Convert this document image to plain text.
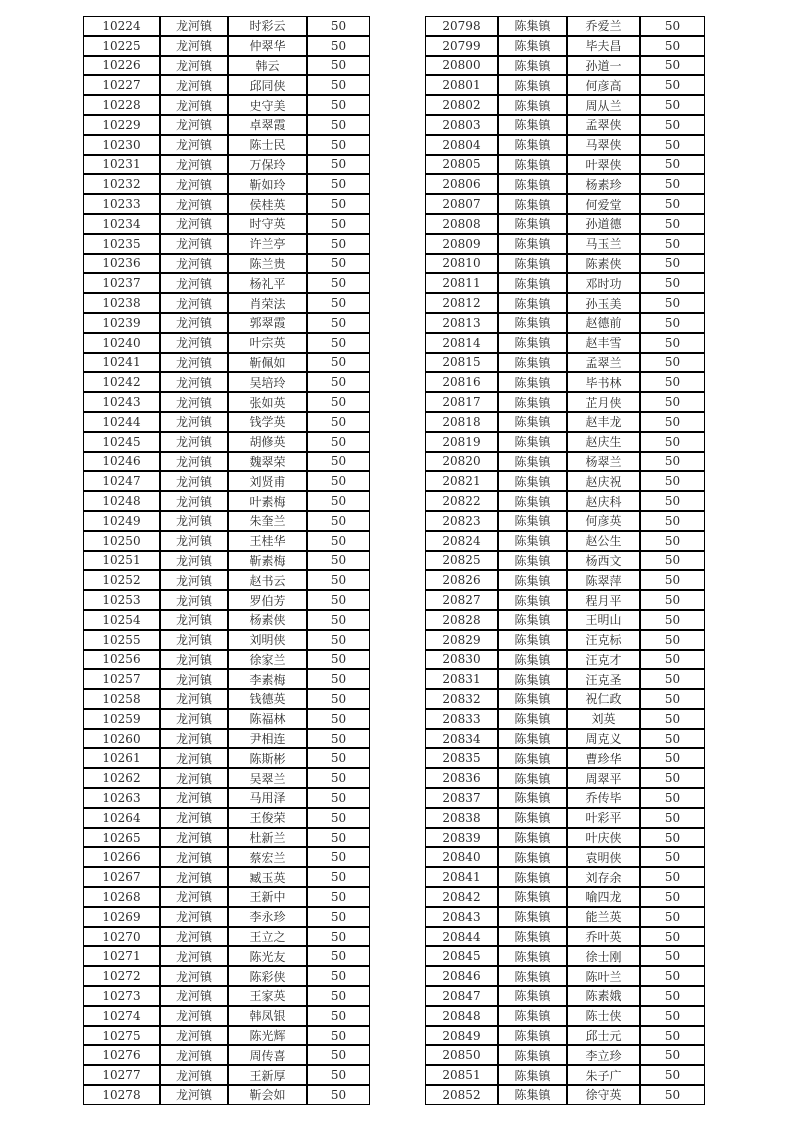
10224	龙河镇	时彩云	50
10225	龙河镇	仲翠华	50
10226	龙河镇	韩云	50
10227	龙河镇	邱同侠	50
10228	龙河镇	史守美	50
10229	龙河镇	卓翠霞	50
10230	龙河镇	陈士民	50
10231	龙河镇	万保玲	50
10232	龙河镇	靳如玲	50
10233	龙河镇	侯桂英	50
10234	龙河镇	时守英	50
10235	龙河镇	许兰亭	50
10236	龙河镇	陈兰贵	50
10237	龙河镇	杨礼平	50
10238	龙河镇	肖荣法	50
10239	龙河镇	郭翠霞	50
10240	龙河镇	叶宗英	50
10241	龙河镇	靳佩如	50
10242	龙河镇	吴培玲	50
10243	龙河镇	张如英	50
10244	龙河镇	钱学英	50
10245	龙河镇	胡修英	50
10246	龙河镇	魏翠荣	50
10247	龙河镇	刘贤甫	50
10248	龙河镇	叶素梅	50
10249	龙河镇	朱奎兰	50
10250	龙河镇	王桂华	50
10251	龙河镇	靳素梅	50
10252	龙河镇	赵书云	50
10253	龙河镇	罗伯芳	50
10254	龙河镇	杨素侠	50
10255	龙河镇	刘明侠	50
10256	龙河镇	徐家兰	50
10257	龙河镇	李素梅	50
10258	龙河镇	钱德英	50
10259	龙河镇	陈福林	50
10260	龙河镇	尹相连	50
10261	龙河镇	陈斯彬	50
10262	龙河镇	吴翠兰	50
10263	龙河镇	马用泽	50
10264	龙河镇	王俊荣	50
10265	龙河镇	杜新兰	50
10266	龙河镇	蔡宏兰	50
10267	龙河镇	臧玉英	50
10268	龙河镇	王新中	50
10269	龙河镇	李永珍	50
10270	龙河镇	王立之	50
10271	龙河镇	陈光友	50
10272	龙河镇	陈彩侠	50
10273	龙河镇	王家英	50
10274	龙河镇	韩凤银	50
10275	龙河镇	陈光辉	50
10276	龙河镇	周传喜	50
10277	龙河镇	王新厚	50
10278	龙河镇	靳会如	50
20798	陈集镇	乔爱兰	50
20799	陈集镇	毕夫昌	50
20800	陈集镇	孙道一	50
20801	陈集镇	何彦高	50
20802	陈集镇	周从兰	50
20803	陈集镇	孟翠侠	50
20804	陈集镇	马翠侠	50
20805	陈集镇	叶翠侠	50
20806	陈集镇	杨素珍	50
20807	陈集镇	何爱堂	50
20808	陈集镇	孙道德	50
20809	陈集镇	马玉兰	50
20810	陈集镇	陈素侠	50
20811	陈集镇	邓时功	50
20812	陈集镇	孙玉美	50
20813	陈集镇	赵德前	50
20814	陈集镇	赵丰雪	50
20815	陈集镇	孟翠兰	50
20816	陈集镇	毕书林	50
20817	陈集镇	芷月侠	50
20818	陈集镇	赵丰龙	50
20819	陈集镇	赵庆生	50
20820	陈集镇	杨翠兰	50
20821	陈集镇	赵庆祝	50
20822	陈集镇	赵庆科	50
20823	陈集镇	何彦英	50
20824	陈集镇	赵公生	50
20825	陈集镇	杨西文	50
20826	陈集镇	陈翠萍	50
20827	陈集镇	程月平	50
20828	陈集镇	王明山	50
20829	陈集镇	汪克标	50
20830	陈集镇	汪克才	50
20831	陈集镇	汪克圣	50
20832	陈集镇	祝仁政	50
20833	陈集镇	刘英	50
20834	陈集镇	周克义	50
20835	陈集镇	曹珍华	50
20836	陈集镇	周翠平	50
20837	陈集镇	乔传毕	50
20838	陈集镇	叶彩平	50
20839	陈集镇	叶庆侠	50
20840	陈集镇	袁明侠	50
20841	陈集镇	刘存余	50
20842	陈集镇	喻四龙	50
20843	陈集镇	能兰英	50
20844	陈集镇	乔叶英	50
20845	陈集镇	徐士刚	50
20846	陈集镇	陈叶兰	50
20847	陈集镇	陈素娥	50
20848	陈集镇	陈士侠	50
20849	陈集镇	邱士元	50
20850	陈集镇	李立珍	50
20851	陈集镇	朱子广	50
20852	陈集镇	徐守英	50
